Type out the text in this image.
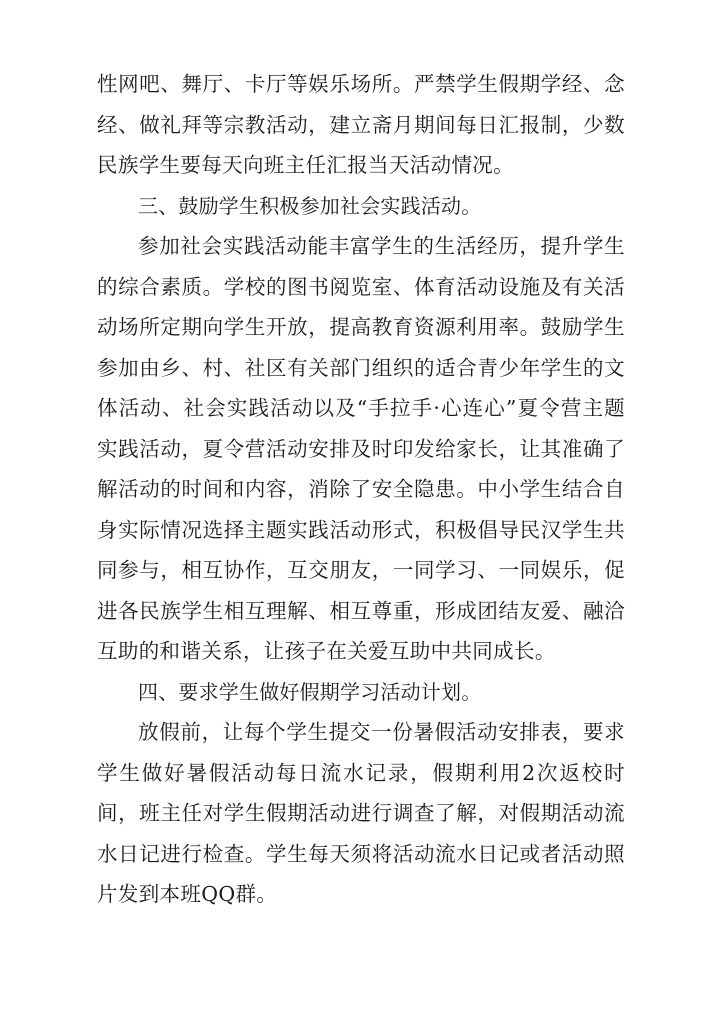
性网吧、舞厅、卡厅等娱乐场所。严禁学生假期学经、念经、做礼拜等宗教活动，建立斋月期间每日汇报制，少数民族学生要每天向班主任汇报当天活动情况。

三、鼓励学生积极参加社会实践活动。

参加社会实践活动能丰富学生的生活经历，提升学生的综合素质。学校的图书阅览室、体育活动设施及有关活动场所定期向学生开放，提高教育资源利用率。鼓励学生参加由乡、村、社区有关部门组织的适合青少年学生的文体活动、社会实践活动以及“手拉手·心连心”夏令营主题实践活动，夏令营活动安排及时印发给家长，让其准确了解活动的时间和内容，消除了安全隐患。中小学生结合自身实际情况选择主题实践活动形式，积极倡导民汉学生共同参与，相互协作，互交朋友，一同学习、一同娱乐，促进各民族学生相互理解、相互尊重，形成团结友爱、融洽互助的和谐关系，让孩子在关爱互助中共同成长。

四、要求学生做好假期学习活动计划。

放假前，让每个学生提交一份暑假活动安排表，要求学生做好暑假活动每日流水记录，假期利用2次返校时间，班主任对学生假期活动进行调查了解，对假期活动流水日记进行检查。学生每天须将活动流水日记或者活动照片发到本班QQ群。
